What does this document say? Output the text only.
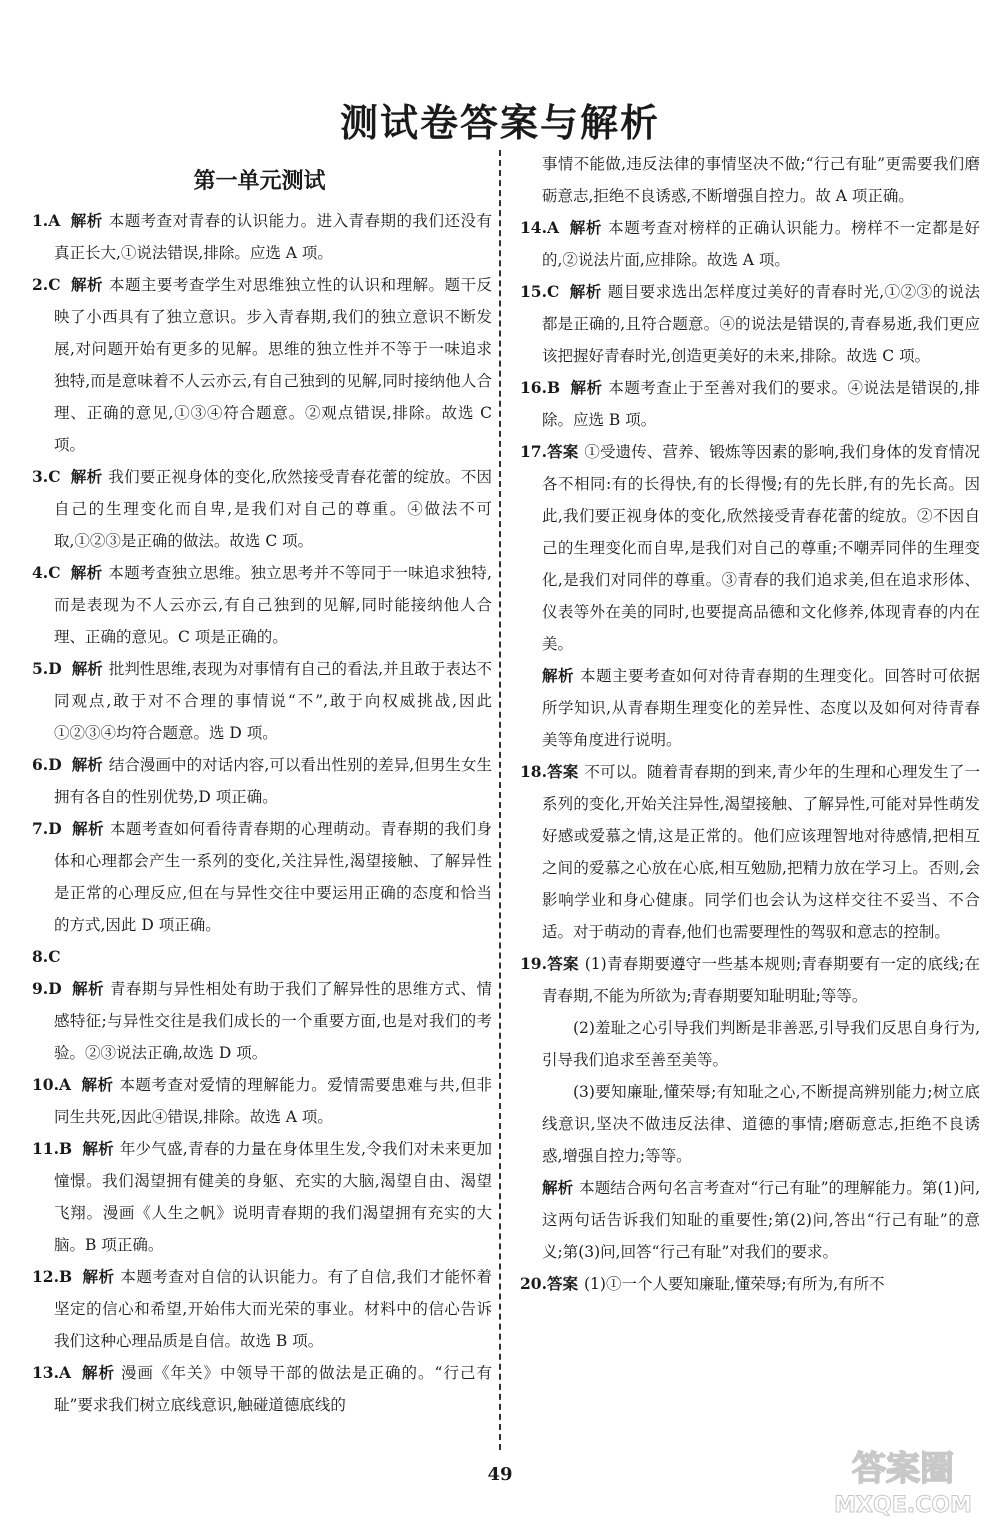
测试卷答案与解析
第一单元测试
1.A 解析 本题考查对青春的认识能力。进入青春期的我们还没有真正长大,①说法错误,排除。应选 A 项。
2.C 解析 本题主要考查学生对思维独立性的认识和理解。题干反映了小西具有了独立意识。步入青春期,我们的独立意识不断发展,对问题开始有更多的见解。思维的独立性并不等于一味追求独特,而是意味着不人云亦云,有自己独到的见解,同时接纳他人合理、正确的意见,①③④符合题意。②观点错误,排除。故选 C 项。
3.C 解析 我们要正视身体的变化,欣然接受青春花蕾的绽放。不因自己的生理变化而自卑,是我们对自己的尊重。④做法不可取,①②③是正确的做法。故选 C 项。
4.C 解析 本题考查独立思维。独立思考并不等同于一味追求独特,而是表现为不人云亦云,有自己独到的见解,同时能接纳他人合理、正确的意见。C 项是正确的。
5.D 解析 批判性思维,表现为对事情有自己的看法,并且敢于表达不同观点,敢于对不合理的事情说“不”,敢于向权威挑战,因此①②③④均符合题意。选 D 项。
6.D 解析 结合漫画中的对话内容,可以看出性别的差异,但男生女生拥有各自的性别优势,D 项正确。
7.D 解析 本题考查如何看待青春期的心理萌动。青春期的我们身体和心理都会产生一系列的变化,关注异性,渴望接触、了解异性是正常的心理反应,但在与异性交往中要运用正确的态度和恰当的方式,因此 D 项正确。
8.C
9.D 解析 青春期与异性相处有助于我们了解异性的思维方式、情感特征;与异性交往是我们成长的一个重要方面,也是对我们的考验。②③说法正确,故选 D 项。
10.A 解析 本题考查对爱情的理解能力。爱情需要患难与共,但非同生共死,因此④错误,排除。故选 A 项。
11.B 解析 年少气盛,青春的力量在身体里生发,令我们对未来更加憧憬。我们渴望拥有健美的身躯、充实的大脑,渴望自由、渴望飞翔。漫画《人生之帆》说明青春期的我们渴望拥有充实的大脑。B 项正确。
12.B 解析 本题考查对自信的认识能力。有了自信,我们才能怀着坚定的信心和希望,开始伟大而光荣的事业。材料中的信心告诉我们这种心理品质是自信。故选 B 项。
13.A 解析 漫画《年关》中领导干部的做法是正确的。“行己有耻”要求我们树立底线意识,触碰道德底线的
事情不能做,违反法律的事情坚决不做;“行己有耻”更需要我们磨砺意志,拒绝不良诱惑,不断增强自控力。故 A 项正确。
14.A 解析 本题考查对榜样的正确认识能力。榜样不一定都是好的,②说法片面,应排除。故选 A 项。
15.C 解析 题目要求选出怎样度过美好的青春时光,①②③的说法都是正确的,且符合题意。④的说法是错误的,青春易逝,我们更应该把握好青春时光,创造更美好的未来,排除。故选 C 项。
16.B 解析 本题考查止于至善对我们的要求。④说法是错误的,排除。应选 B 项。
17.答案 ①受遗传、营养、锻炼等因素的影响,我们身体的发育情况各不相同:有的长得快,有的长得慢;有的先长胖,有的先长高。因此,我们要正视身体的变化,欣然接受青春花蕾的绽放。②不因自己的生理变化而自卑,是我们对自己的尊重;不嘲弄同伴的生理变化,是我们对同伴的尊重。③青春的我们追求美,但在追求形体、仪表等外在美的同时,也要提高品德和文化修养,体现青春的内在美。
解析 本题主要考查如何对待青春期的生理变化。回答时可依据所学知识,从青春期生理变化的差异性、态度以及如何对待青春美等角度进行说明。
18.答案 不可以。随着青春期的到来,青少年的生理和心理发生了一系列的变化,开始关注异性,渴望接触、了解异性,可能对异性萌发好感或爱慕之情,这是正常的。他们应该理智地对待感情,把相互之间的爱慕之心放在心底,相互勉励,把精力放在学习上。否则,会影响学业和身心健康。同学们也会认为这样交往不妥当、不合适。对于萌动的青春,他们也需要理性的驾驭和意志的控制。
19.答案 (1)青春期要遵守一些基本规则;青春期要有一定的底线;在青春期,不能为所欲为;青春期要知耻明耻;等等。
(2)羞耻之心引导我们判断是非善恶,引导我们反思自身行为,引导我们追求至善至美等。
(3)要知廉耻,懂荣辱;有知耻之心,不断提高辨别能力;树立底线意识,坚决不做违反法律、道德的事情;磨砺意志,拒绝不良诱惑,增强自控力;等等。
解析 本题结合两句名言考查对“行己有耻”的理解能力。第(1)问,这两句话告诉我们知耻的重要性;第(2)问,答出“行己有耻”的意义;第(3)问,回答“行己有耻”对我们的要求。
20.答案 (1)①一个人要知廉耻,懂荣辱;有所为,有所不
49	答案圈
MXQE.COM
